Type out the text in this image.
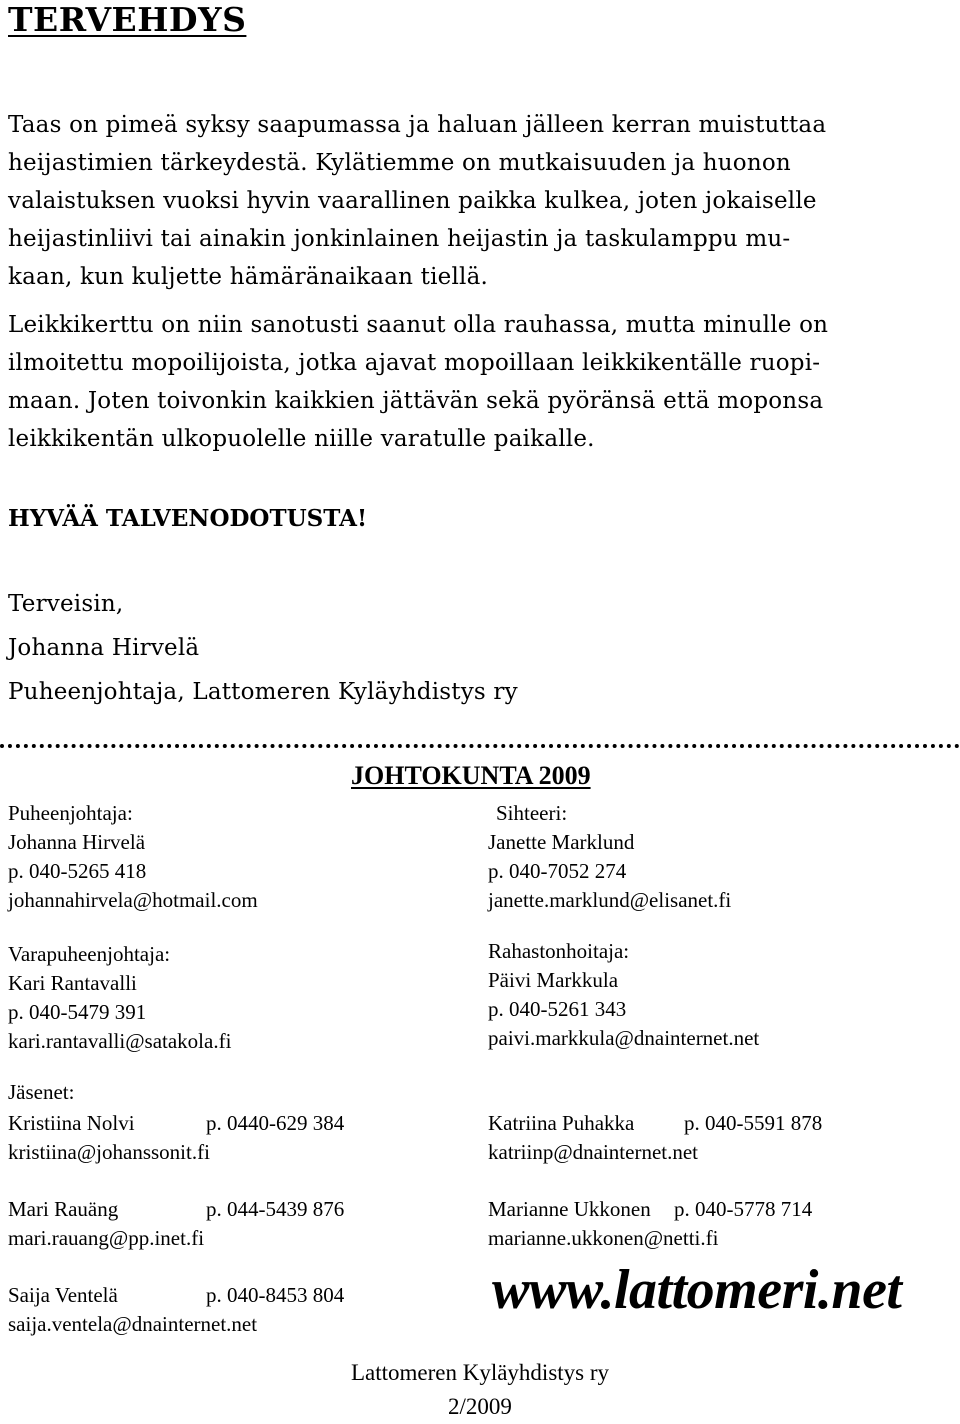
TERVEHDYS
Taas on pimeä syksy saapumassa ja haluan jälleen kerran muistuttaa
heijastimien tärkeydestä. Kylätiemme on mutkaisuuden ja huonon
valaistuksen vuoksi hyvin vaarallinen paikka kulkea, joten jokaiselle
heijastinliivi tai ainakin jonkinlainen heijastin ja taskulamppu mu-
kaan, kun kuljette hämäränaikaan tiellä.
Leikkikerttu on niin sanotusti saanut olla rauhassa, mutta minulle on
ilmoitettu mopoilijoista, jotka ajavat mopoillaan leikkikentälle ruopi-
maan. Joten toivonkin kaikkien jättävän sekä pyöränsä että moponsa
leikkikentän ulkopuolelle niille varatulle paikalle.
HYVÄÄ TALVENODOTUSTA!
Terveisin,
Johanna Hirvelä
Puheenjohtaja, Lattomeren Kyläyhdistys ry
JOHTOKUNTA 2009
Puheenjohtaja:
Johanna Hirvelä
p. 040-5265 418
johannahirvela@hotmail.com
Sihteeri:
Janette Marklund
p. 040-7052 274
janette.marklund@elisanet.fi
Varapuheenjohtaja:
Kari Rantavalli
p. 040-5479 391
kari.rantavalli@satakola.fi
Rahastonhoitaja:
Päivi Markkula
p. 040-5261 343
paivi.markkula@dnainternet.net
Jäsenet:
Kristiina Nolvi	p. 0440-629 384
kristiina@johanssonit.fi
Katriina Puhakka	p. 040-5591 878
katriinp@dnainternet.net
Mari Rauäng	p. 044-5439 876
mari.rauang@pp.inet.fi
Marianne Ukkonen	p. 040-5778 714
marianne.ukkonen@netti.fi
Saija Ventelä	p. 040-8453 804
saija.ventela@dnainternet.net
www.lattomeri.net
Lattomeren Kyläyhdistys ry
2/2009
